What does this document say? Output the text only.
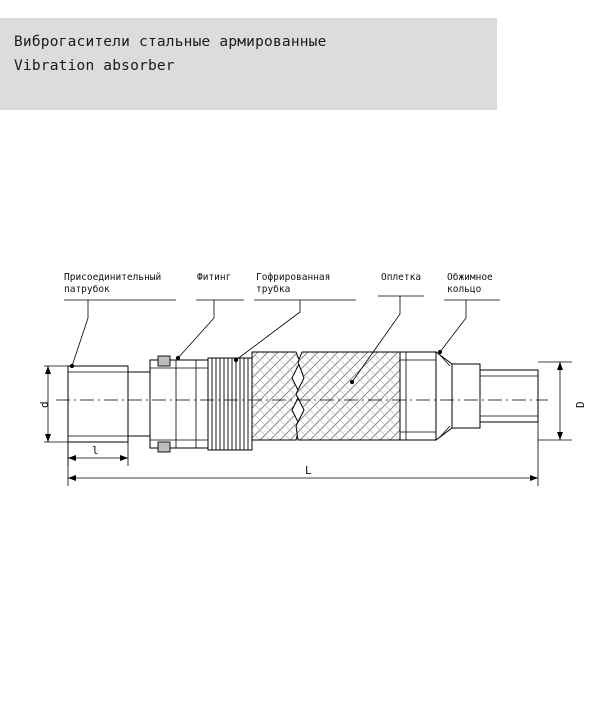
Виброгасители стальные армированные
Vibration absorber
Присоединительный
патрубок
Фитинг	Гофрированная
трубка
Оплетка	Обжимное
кольцо
d	D
l
L
